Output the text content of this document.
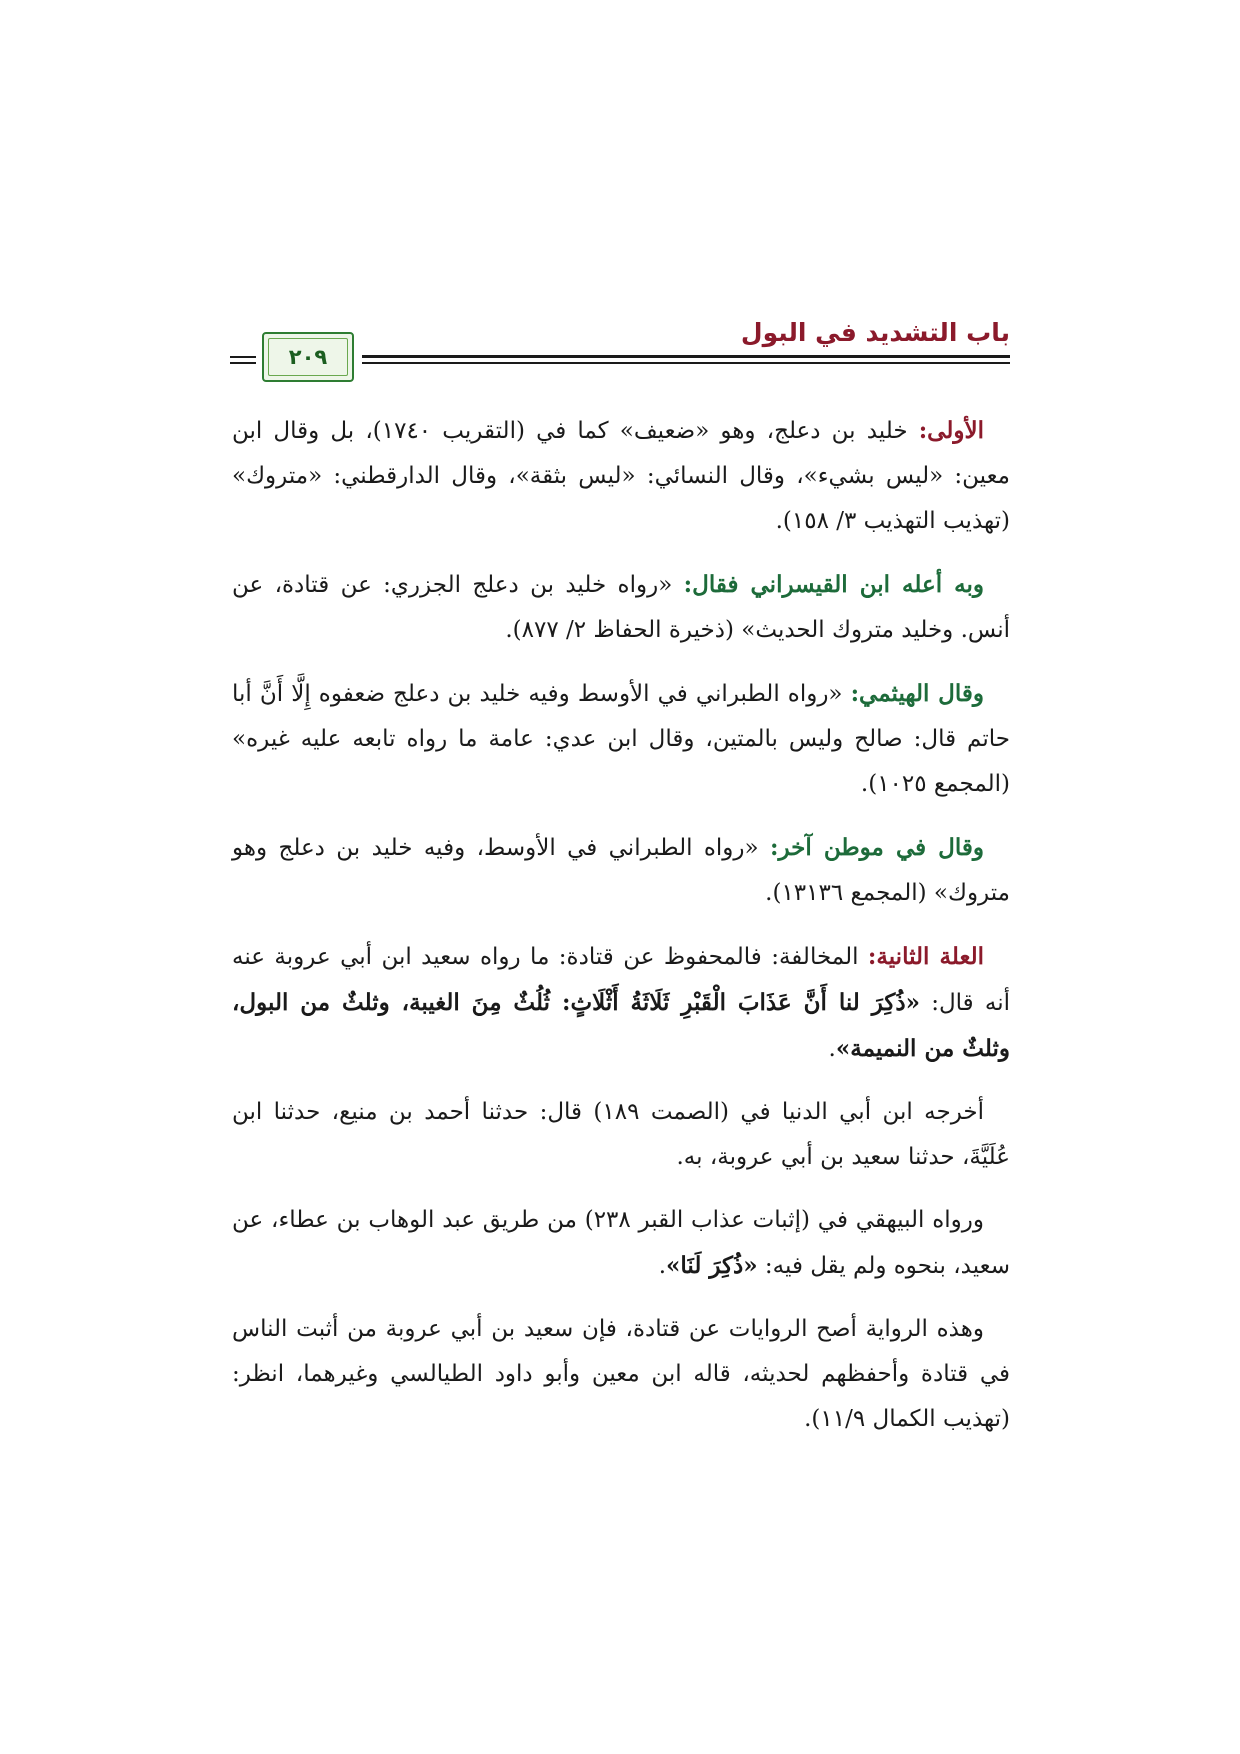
باب التشديد في البول
٢٠٩

الأولى: خليد بن دعلج، وهو «ضعيف» كما في (التقريب ١٧٤٠)، بل وقال ابن معين: «ليس بشيء»، وقال النسائي: «ليس بثقة»، وقال الدارقطني: «متروك» (تهذيب التهذيب ٣/ ١٥٨).

وبه أعله ابن القيسراني فقال: «رواه خليد بن دعلج الجزري: عن قتادة، عن أنس. وخليد متروك الحديث» (ذخيرة الحفاظ ٢/ ٨٧٧).

وقال الهيثمي: «رواه الطبراني في الأوسط وفيه خليد بن دعلج ضعفوه إِلَّا أَنَّ أبا حاتم قال: صالح وليس بالمتين، وقال ابن عدي: عامة ما رواه تابعه عليه غيره» (المجمع ١٠٢٥).

وقال في موطن آخر: «رواه الطبراني في الأوسط، وفيه خليد بن دعلج وهو متروك» (المجمع ١٣١٣٦).

العلة الثانية: المخالفة: فالمحفوظ عن قتادة: ما رواه سعيد ابن أبي عروبة عنه أنه قال: «ذُكِرَ لنا أَنَّ عَذَابَ الْقَبْرِ ثَلَاثَةُ أَثْلَاثٍ: ثُلُثٌ مِنَ الغيبة، وثلثٌ من البول، وثلثٌ من النميمة».

أخرجه ابن أبي الدنيا في (الصمت ١٨٩) قال: حدثنا أحمد بن منيع، حدثنا ابن عُلَيَّةَ، حدثنا سعيد بن أبي عروبة، به.

ورواه البيهقي في (إثبات عذاب القبر ٢٣٨) من طريق عبد الوهاب بن عطاء، عن سعيد، بنحوه ولم يقل فيه: «ذُكِرَ لَنَا».

وهذه الرواية أصح الروايات عن قتادة، فإن سعيد بن أبي عروبة من أثبت الناس في قتادة وأحفظهم لحديثه، قاله ابن معين وأبو داود الطيالسي وغيرهما، انظر: (تهذيب الكمال ١١/٩).
